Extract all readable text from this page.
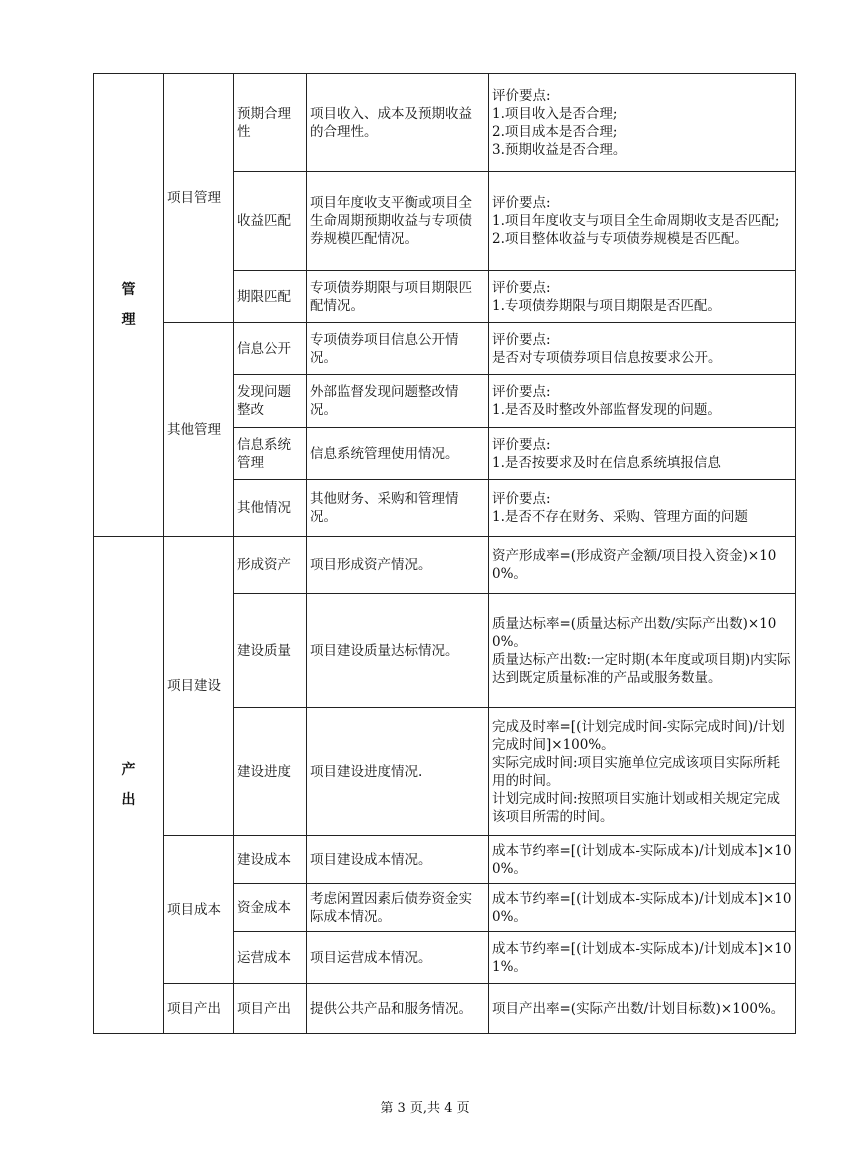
管
理	项目管理	预期合理性	项目收入、成本及预期收益的合理性。	评价要点:
1.项目收入是否合理;
2.项目成本是否合理;
3.预期收益是否合理。
		收益匹配	项目年度收支平衡或项目全生命周期预期收益与专项债券规模匹配情况。	评价要点:
1.项目年度收支与项目全生命周期收支是否匹配;
2.项目整体收益与专项债券规模是否匹配。
		期限匹配	专项债券期限与项目期限匹配情况。	评价要点:
1.专项债券期限与项目期限是否匹配。
	其他管理	信息公开	专项债券项目信息公开情况。	评价要点:
是否对专项债券项目信息按要求公开。
		发现问题整改	外部监督发现问题整改情况。	评价要点:
1.是否及时整改外部监督发现的问题。
		信息系统管理	信息系统管理使用情况。	评价要点:
1.是否按要求及时在信息系统填报信息
		其他情况	其他财务、采购和管理情况。	评价要点:
1.是否不存在财务、采购、管理方面的问题

产
出	项目建设	形成资产	项目形成资产情况。	资产形成率=(形成资产金额/项目投入资金)×100%。
		建设质量	项目建设质量达标情况。	质量达标率=(质量达标产出数/实际产出数)×100%。
质量达标产出数:一定时期(本年度或项目期)内实际达到既定质量标准的产品或服务数量。
		建设进度	项目建设进度情况.	完成及时率=[(计划完成时间-实际完成时间)/计划完成时间]×100%。
实际完成时间:项目实施单位完成该项目实际所耗用的时间。
计划完成时间:按照项目实施计划或相关规定完成该项目所需的时间。
	项目成本	建设成本	项目建设成本情况。	成本节约率=[(计划成本-实际成本)/计划成本]×100%。
		资金成本	考虑闲置因素后债券资金实际成本情况。	成本节约率=[(计划成本-实际成本)/计划成本]×100%。
		运营成本	项目运营成本情况。	成本节约率=[(计划成本-实际成本)/计划成本]×101%。
	项目产出	项目产出	提供公共产品和服务情况。	项目产出率=(实际产出数/计划目标数)×100%。
第 3 页,共 4 页
